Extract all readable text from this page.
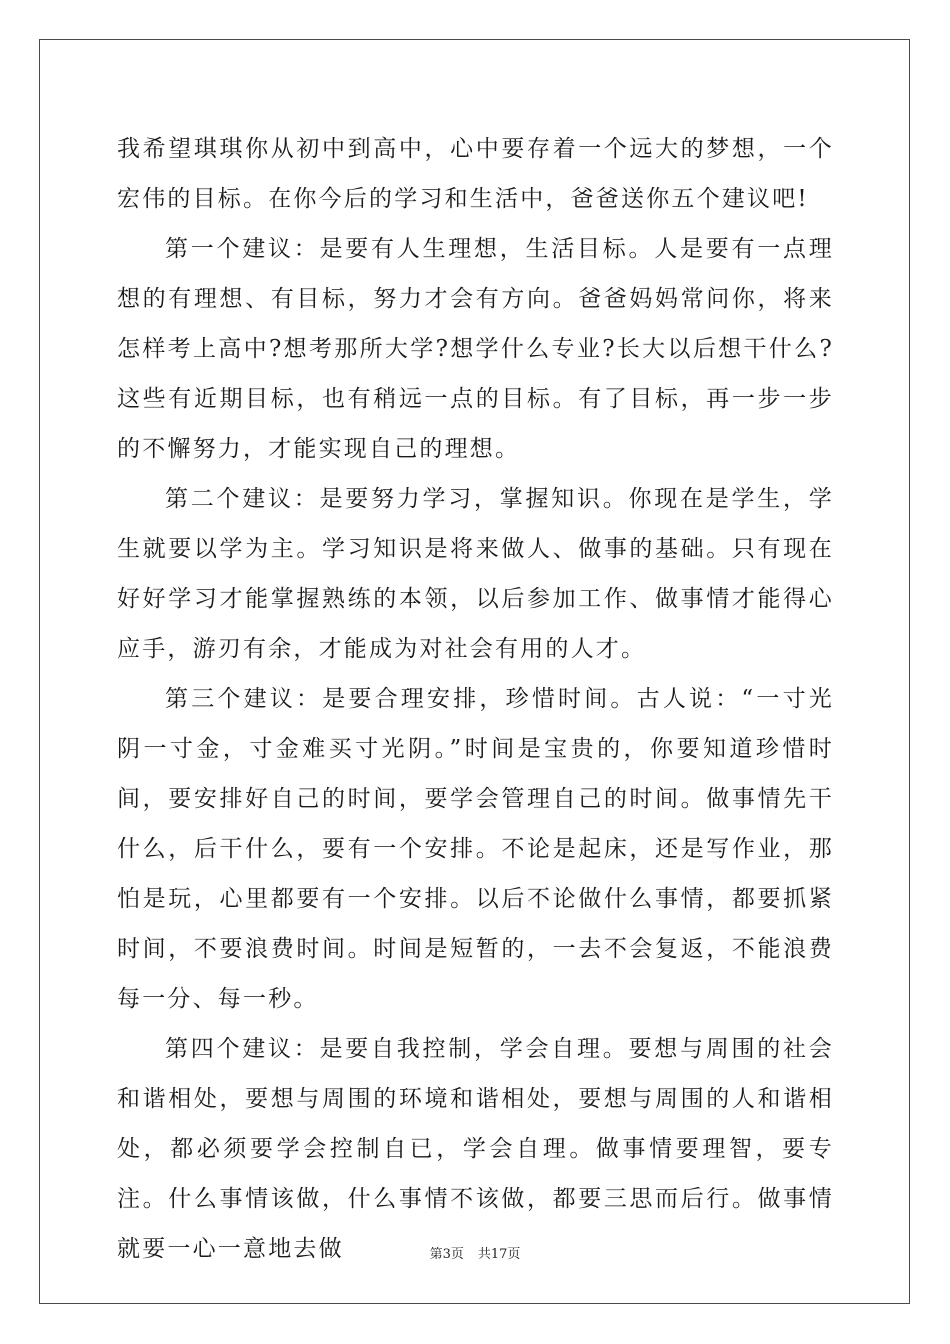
我希望琪琪你从初中到高中，心中要存着一个远大的梦想，一个宏伟的目标。在你今后的学习和生活中，爸爸送你五个建议吧!

第一个建议：是要有人生理想，生活目标。人是要有一点理想的有理想、有目标，努力才会有方向。爸爸妈妈常问你，将来怎样考上高中?想考那所大学?想学什么专业?长大以后想干什么?这些有近期目标，也有稍远一点的目标。有了目标，再一步一步的不懈努力，才能实现自己的理想。

第二个建议：是要努力学习，掌握知识。你现在是学生，学生就要以学为主。学习知识是将来做人、做事的基础。只有现在好好学习才能掌握熟练的本领，以后参加工作、做事情才能得心应手，游刃有余，才能成为对社会有用的人才。

第三个建议：是要合理安排，珍惜时间。古人说：“一寸光阴一寸金，寸金难买寸光阴。”时间是宝贵的，你要知道珍惜时间，要安排好自己的时间，要学会管理自己的时间。做事情先干什么，后干什么，要有一个安排。不论是起床，还是写作业，那怕是玩，心里都要有一个安排。以后不论做什么事情，都要抓紧时间，不要浪费时间。时间是短暂的，一去不会复返，不能浪费每一分、每一秒。

第四个建议：是要自我控制，学会自理。要想与周围的社会和谐相处，要想与周围的环境和谐相处，要想与周围的人和谐相处，都必须要学会控制自已，学会自理。做事情要理智，要专注。什么事情该做，什么事情不该做，都要三思而后行。做事情就要一心一意地去做	第3页 共17页
